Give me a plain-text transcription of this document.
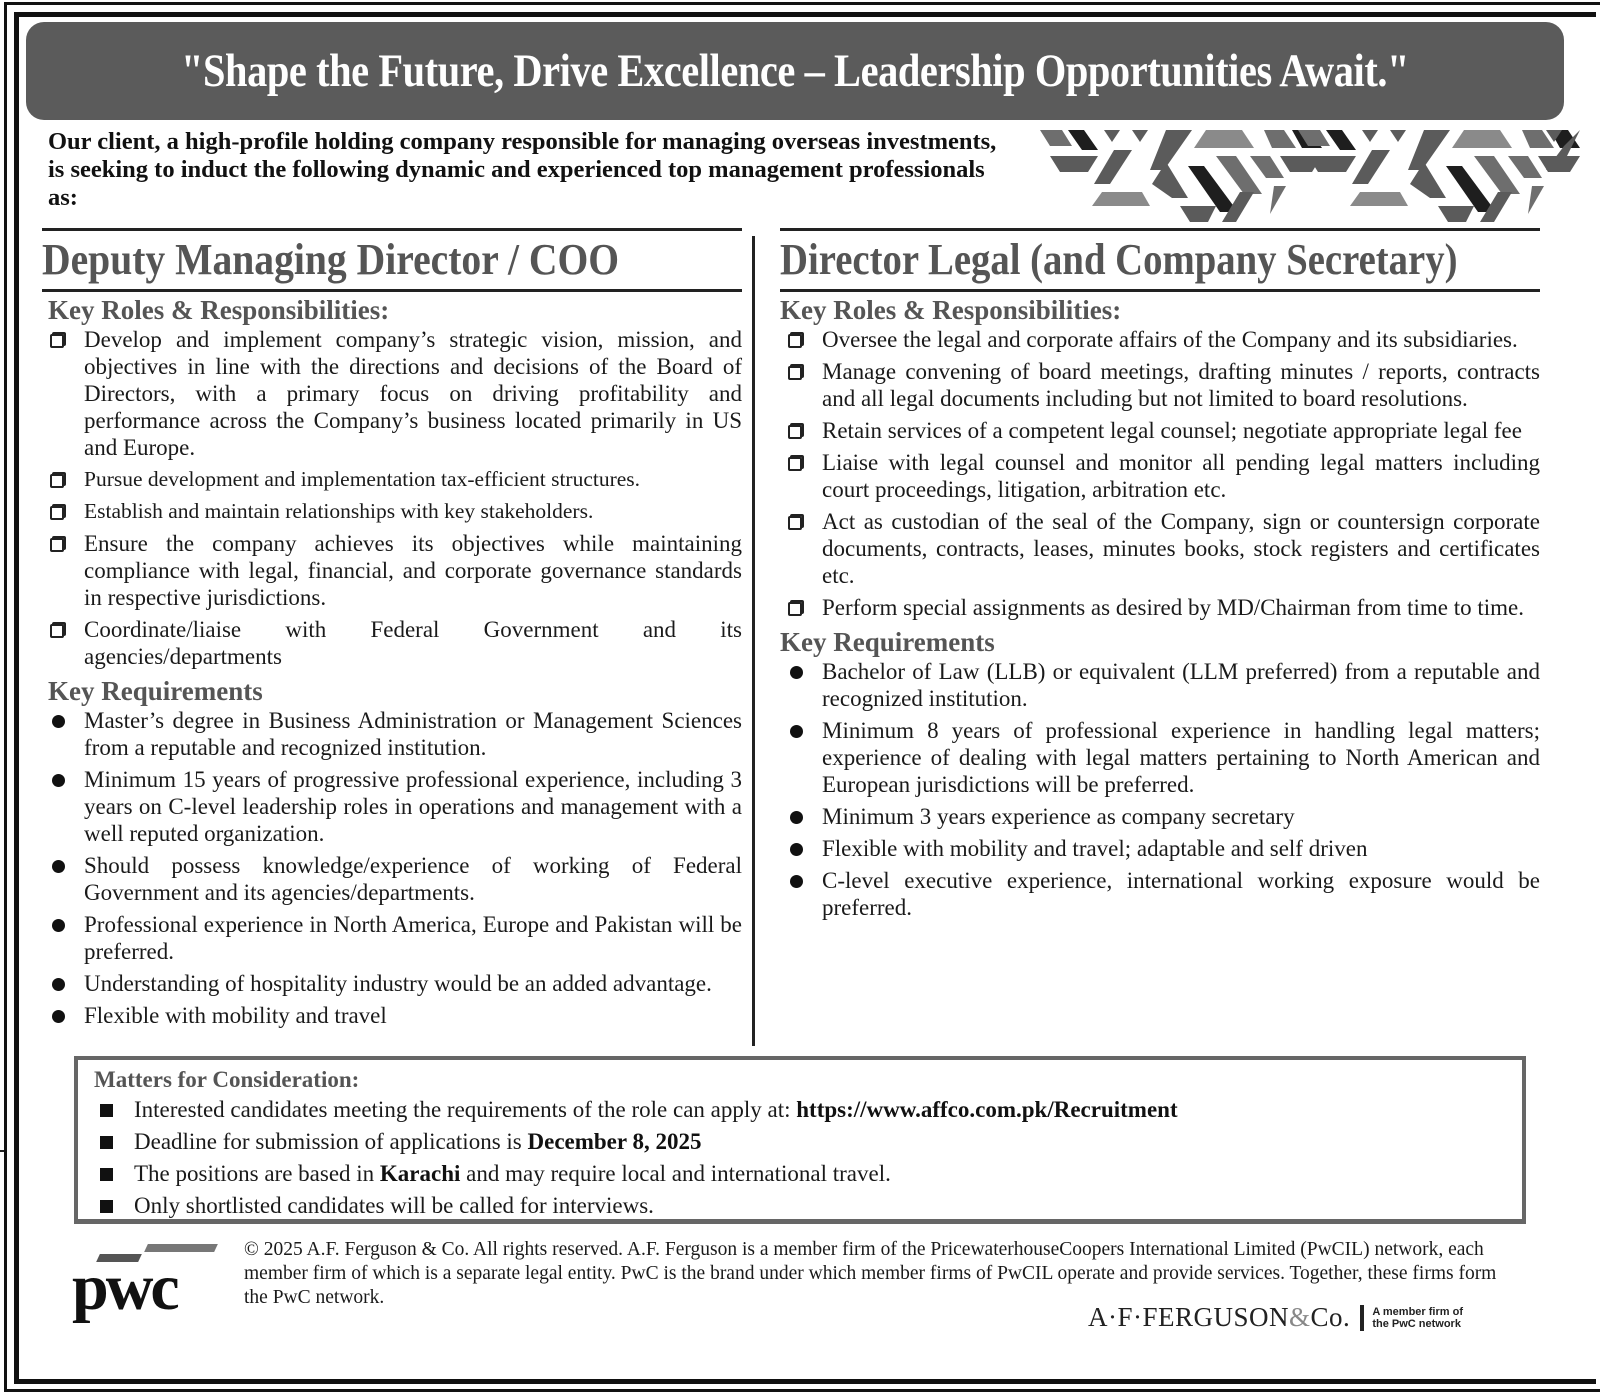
"Shape the Future, Drive Excellence – Leadership Opportunities Await."

Our client, a high-profile holding company responsible for managing overseas investments, is seeking to induct the following dynamic and experienced top management professionals as:

Deputy Managing Director / COO
Key Roles & Responsibilities:
Develop and implement company’s strategic vision, mission, and objectives in line with the directions and decisions of the Board of Directors, with a primary focus on driving profitability and performance across the Company’s business located primarily in US and Europe.
Pursue development and implementation tax-efficient structures.
Establish and maintain relationships with key stakeholders.
Ensure the company achieves its objectives while maintaining compliance with legal, financial, and corporate governance standards in respective jurisdictions.
Coordinate/liaise with Federal Government and its agencies/departments
Key Requirements
Master’s degree in Business Administration or Management Sciences from a reputable and recognized institution.
Minimum 15 years of progressive professional experience, including 3 years on C-level leadership roles in operations and management with a well reputed organization.
Should possess knowledge/experience of working of Federal Government and its agencies/departments.
Professional experience in North America, Europe and Pakistan will be preferred.
Understanding of hospitality industry would be an added advantage.
Flexible with mobility and travel
Director Legal (and Company Secretary)
Key Roles & Responsibilities:
Oversee the legal and corporate affairs of the Company and its subsidiaries.
Manage convening of board meetings, drafting minutes / reports, contracts and all legal documents including but not limited to board resolutions.
Retain services of a competent legal counsel; negotiate appropriate legal fee
Liaise with legal counsel and monitor all pending legal matters including court proceedings, litigation, arbitration etc.
Act as custodian of the seal of the Company, sign or countersign corporate documents, contracts, leases, minutes books, stock registers and certificates etc.
Perform special assignments as desired by MD/Chairman from time to time.
Key Requirements
Bachelor of Law (LLB) or equivalent (LLM preferred) from a reputable and recognized institution.
Minimum 8 years of professional experience in handling legal matters; experience of dealing with legal matters pertaining to North American and European jurisdictions will be preferred.
Minimum 3 years experience as company secretary
Flexible with mobility and travel; adaptable and self driven
C-level executive experience, international working exposure would be preferred.
Matters for Consideration:
Interested candidates meeting the requirements of the role can apply at: https://www.affco.com.pk/Recruitment
Deadline for submission of applications is December 8, 2025
The positions are based in Karachi and may require local and international travel.
Only shortlisted candidates will be called for interviews.
pwc

© 2025 A.F. Ferguson & Co. All rights reserved. A.F. Ferguson is a member firm of the PricewaterhouseCoopers International Limited (PwCIL) network, each member firm of which is a separate legal entity. PwC is the brand under which member firms of PwCIL operate and provide services. Together, these firms form the PwC network.

A·F·FERGUSON&Co. A member firm of
the PwC network
